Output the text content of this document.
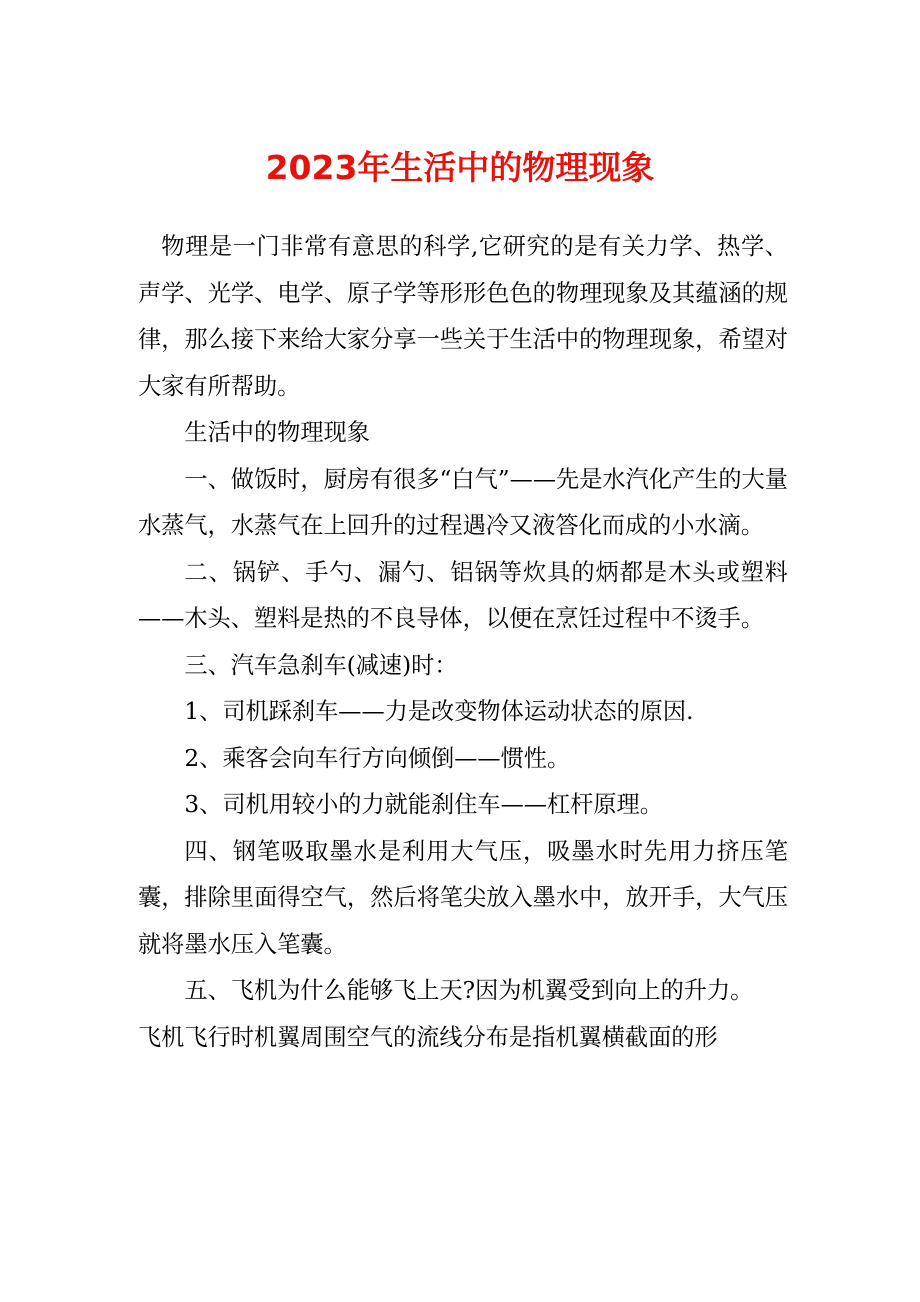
2023年生活中的物理现象

物理是一门非常有意思的科学,它研究的是有关力学、热学、声学、光学、电学、原子学等形形色色的物理现象及其蕴涵的规律，那么接下来给大家分享一些关于生活中的物理现象，希望对大家有所帮助。

生活中的物理现象

一、做饭时，厨房有很多“白气”——先是水汽化产生的大量水蒸气，水蒸气在上回升的过程遇冷又液答化而成的小水滴。

二、锅铲、手勺、漏勺、铝锅等炊具的炳都是木头或塑料——木头、塑料是热的不良导体，以便在烹饪过程中不烫手。

三、汽车急刹车(减速)时：

1、司机踩刹车——力是改变物体运动状态的原因.

2、乘客会向车行方向倾倒——惯性。

3、司机用较小的力就能刹住车——杠杆原理。

四、钢笔吸取墨水是利用大气压，吸墨水时先用力挤压笔囊，排除里面得空气，然后将笔尖放入墨水中，放开手，大气压就将墨水压入笔囊。

五、飞机为什么能够飞上天?因为机翼受到向上的升力。
飞机飞行时机翼周围空气的流线分布是指机翼横截面的形
